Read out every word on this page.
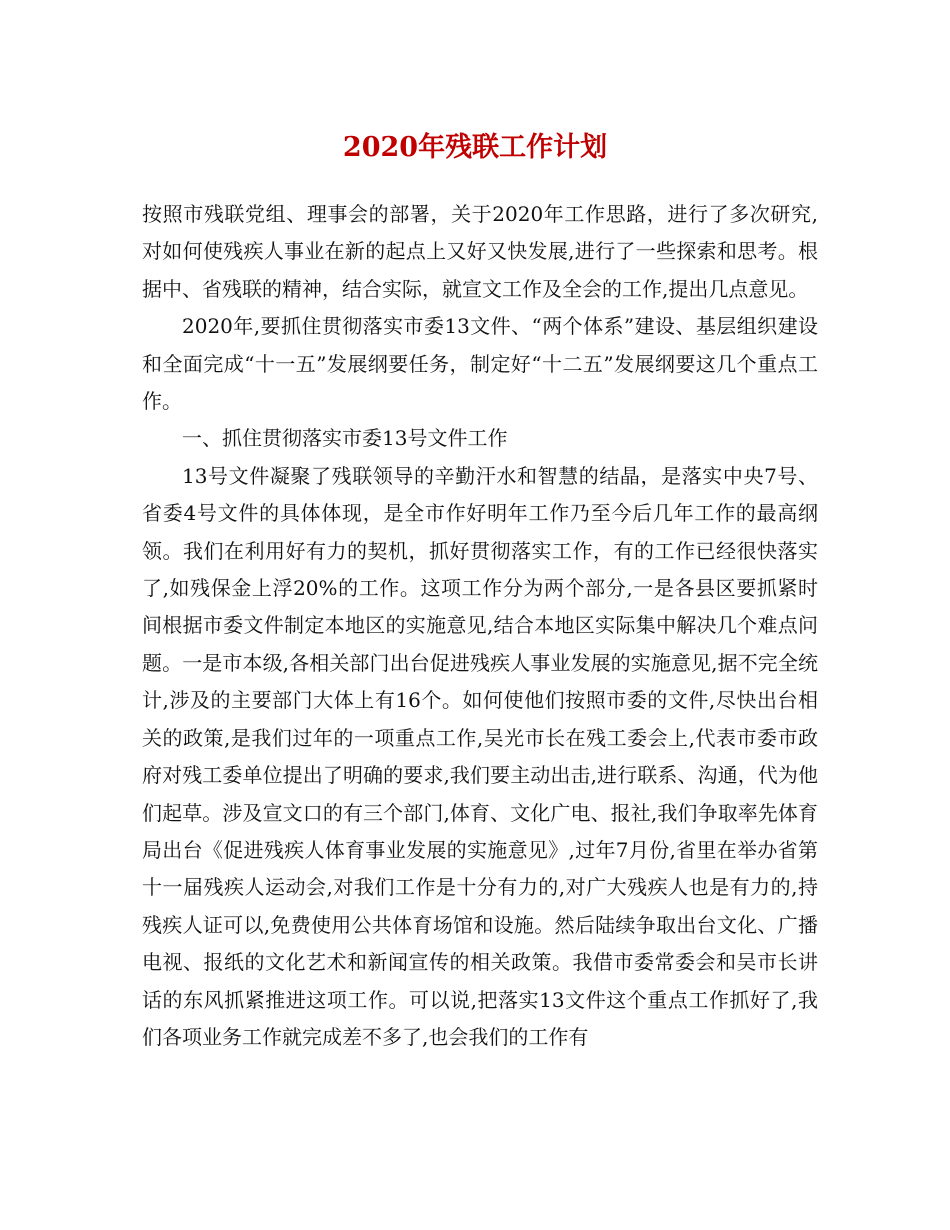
2020年残联工作计划

按照市残联党组、理事会的部署，关于2020年工作思路，进行了多次研究,对如何使残疾人事业在新的起点上又好又快发展,进行了一些探索和思考。根据中、省残联的精神，结合实际，就宣文工作及全会的工作,提出几点意见。

2020年,要抓住贯彻落实市委13文件、“两个体系”建设、基层组织建设和全面完成“十一五”发展纲要任务，制定好“十二五”发展纲要这几个重点工作。

一、抓住贯彻落实市委13号文件工作

13号文件凝聚了残联领导的辛勤汗水和智慧的结晶，是落实中央7号、省委4号文件的具体体现，是全市作好明年工作乃至今后几年工作的最高纲领。我们在利用好有力的契机，抓好贯彻落实工作，有的工作已经很快落实了,如残保金上浮20%的工作。这项工作分为两个部分,一是各县区要抓紧时间根据市委文件制定本地区的实施意见,结合本地区实际集中解决几个难点问题。一是市本级,各相关部门出台促进残疾人事业发展的实施意见,据不完全统计,涉及的主要部门大体上有16个。如何使他们按照市委的文件,尽快出台相关的政策,是我们过年的一项重点工作,吴光市长在残工委会上,代表市委市政府对残工委单位提出了明确的要求,我们要主动出击,进行联系、沟通，代为他们起草。涉及宣文口的有三个部门,体育、文化广电、报社,我们争取率先体育局出台《促进残疾人体育事业发展的实施意见》,过年7月份,省里在举办省第十一届残疾人运动会,对我们工作是十分有力的,对广大残疾人也是有力的,持残疾人证可以,免费使用公共体育场馆和设施。然后陆续争取出台文化、广播电视、报纸的文化艺术和新闻宣传的相关政策。我借市委常委会和吴市长讲话的东风抓紧推进这项工作。可以说,把落实13文件这个重点工作抓好了,我们各项业务工作就完成差不多了,也会我们的工作有
